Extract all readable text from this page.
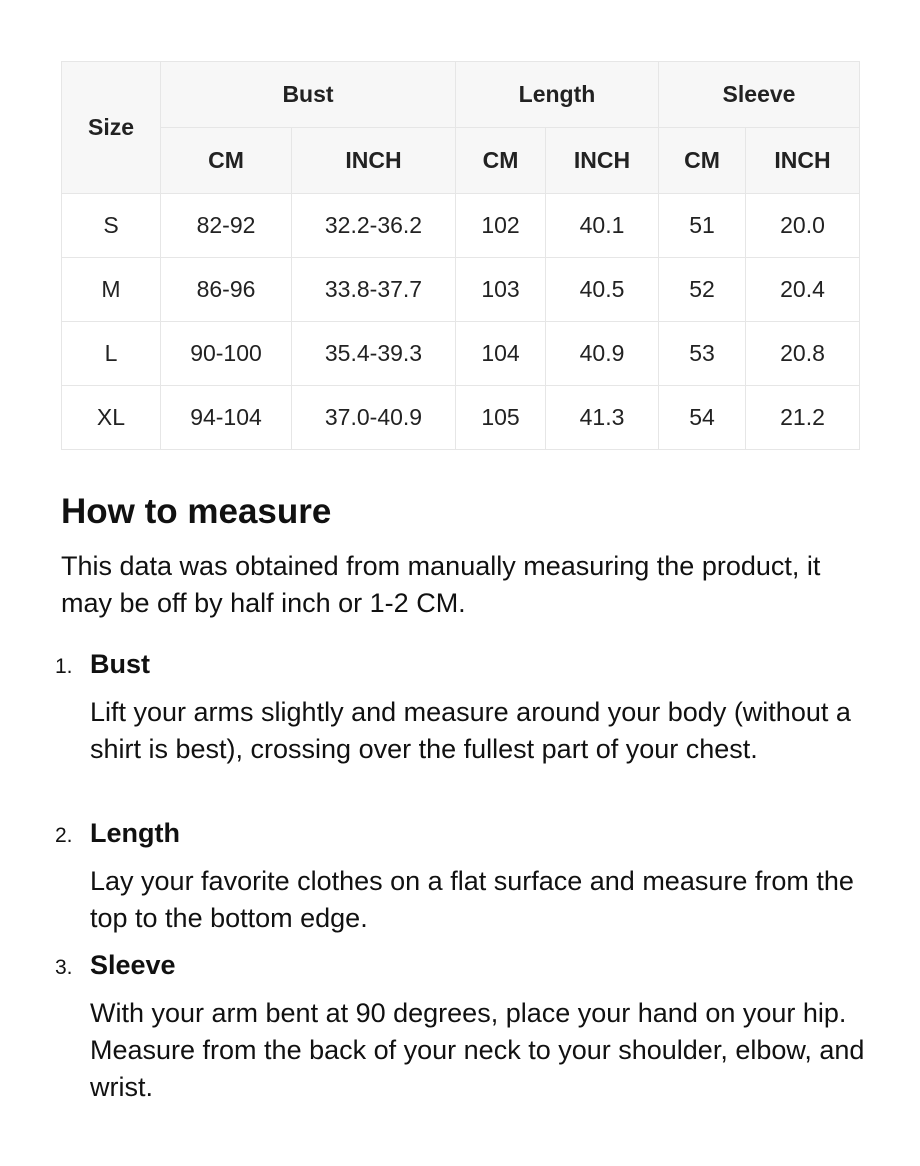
Size	Bust		Length		Sleeve	
	CM	INCH	CM	INCH	CM	INCH
S	82-92	32.2-36.2	102	40.1	51	20.0
M	86-96	33.8-37.7	103	40.5	52	20.4
L	90-100	35.4-39.3	104	40.9	53	20.8
XL	94-104	37.0-40.9	105	41.3	54	21.2
How to measure

This data was obtained from manually measuring the product, it may be off by half inch or 1-2 CM.

1. Bust

Lift your arms slightly and measure around your body (without a shirt is best), crossing over the fullest part of your chest.

2. Length

Lay your favorite clothes on a flat surface and measure from the top to the bottom edge.

3. Sleeve

With your arm bent at 90 degrees, place your hand on your hip. Measure from the back of your neck to your shoulder, elbow, and wrist.
